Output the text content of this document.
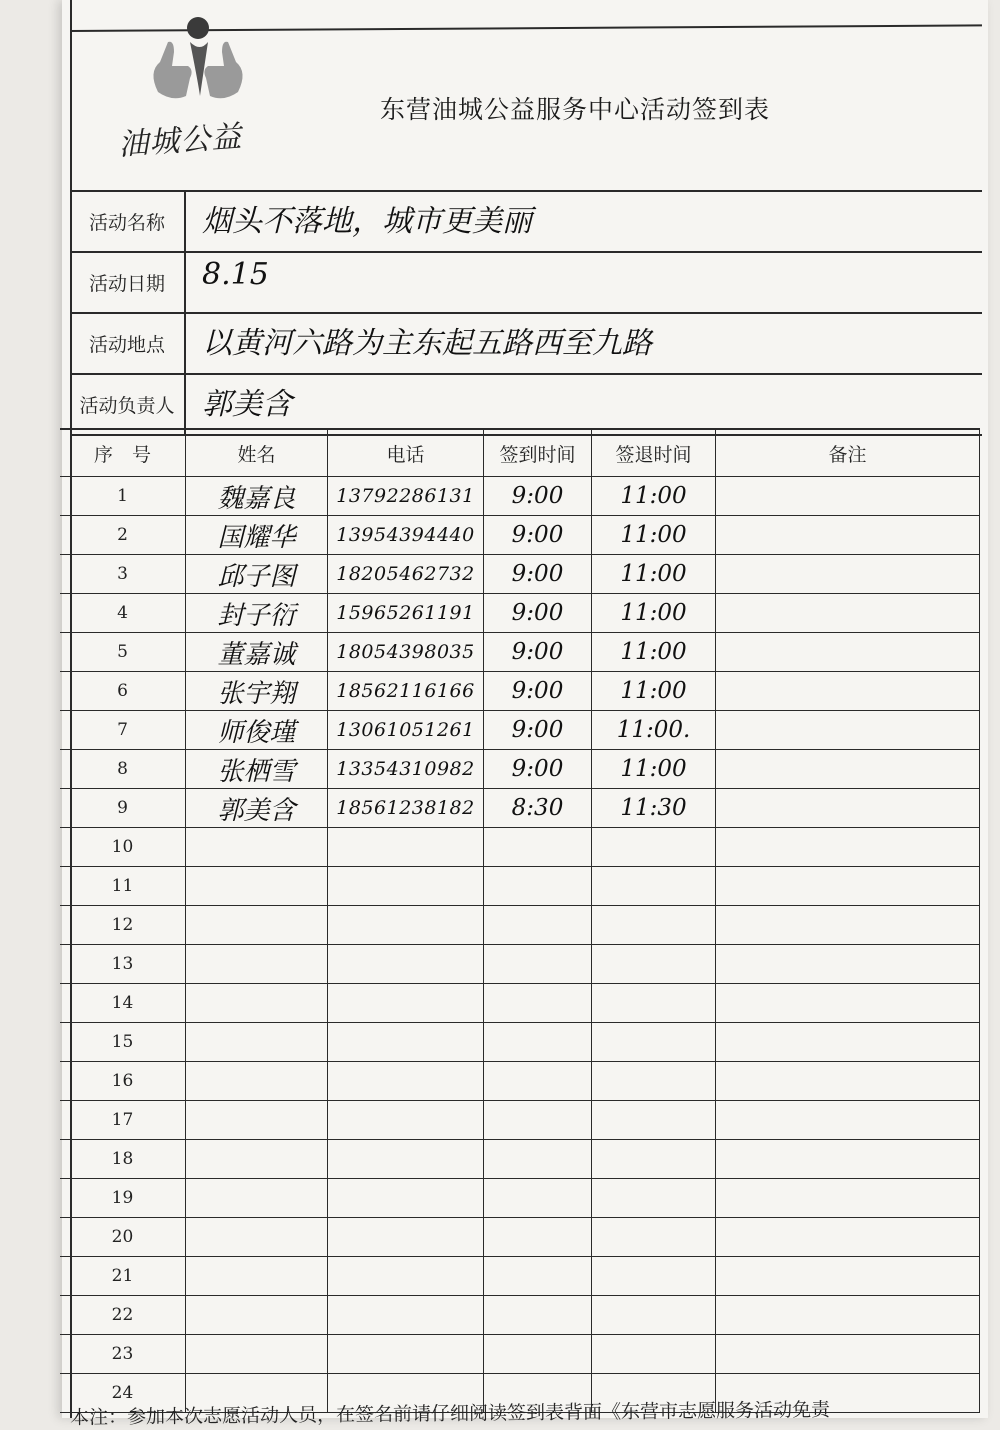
油城公益
东营油城公益服务中心活动签到表
活动名称	烟头不落地，城市更美丽
活动日期	8.15
活动地点	以黄河六路为主东起五路西至九路
活动负责人 郭美含
序　号	姓名	电话	签到时间	签退时间	备注
1	魏嘉良 13792286131 9:00 11:00
2	国耀华 13954394440 9:00 11:00
3	邱子图 18205462732 9:00 11:00
4	封子衍 15965261191 9:00 11:00
5	董嘉诚 18054398035 9:00 11:00
6	张宇翔 18562116166 9:00 11:00
7	师俊瑾 13061051261 9:00 11:00.
8	张栖雪 13354310982 9:00 11:00
9	郭美含 18561238182 8:30 11:30
10
11
12
13
14
15
16
17
18
19
20
21
22
23
24
本注：参加本次志愿活动人员，在签名前请仔细阅读签到表背面《东营市志愿服务活动免责
